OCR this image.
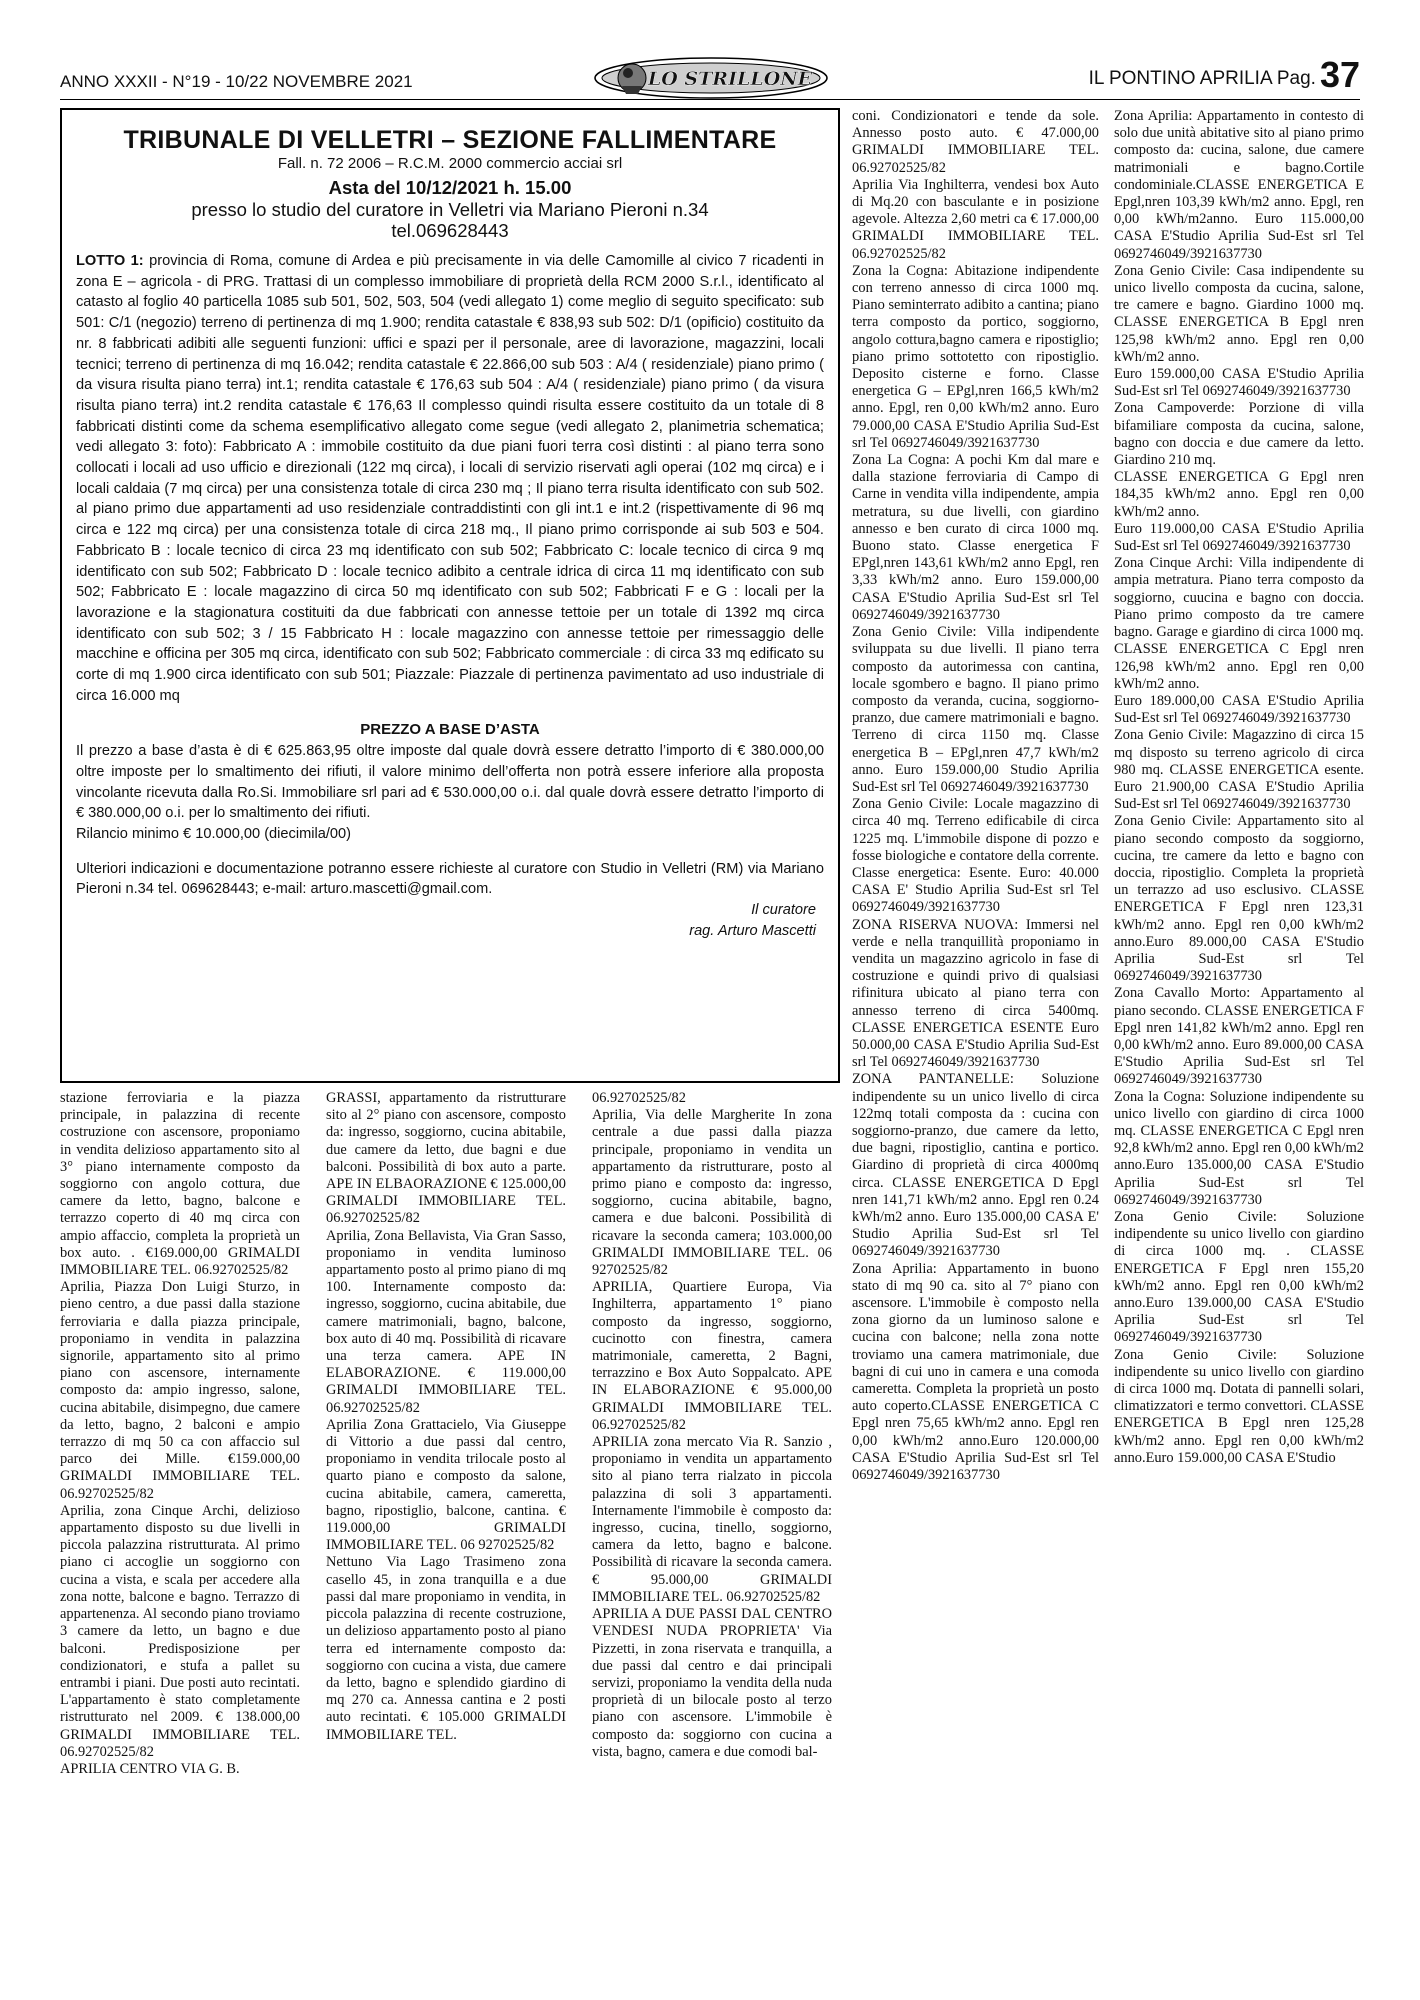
ANNO XXXII - N°19 - 10/22 NOVEMBRE 2021	IL PONTINO APRILIA Pag. 37
LO STRILLONE
TRIBUNALE DI VELLETRI – SEZIONE FALLIMENTARE
Fall. n. 72 2006 – R.C.M. 2000 commercio acciai srl
Asta del 10/12/2021 h. 15.00
presso lo studio del curatore in Velletri via Mariano Pieroni n.34
tel.069628443
LOTTO 1: provincia di Roma, comune di Ardea e più precisamente in via delle Camomille al civico 7 ricadenti in zona E – agricola - di PRG. Trattasi di un complesso immobiliare di proprietà della RCM 2000 S.r.l., identificato al catasto al foglio 40 particella 1085 sub 501, 502, 503, 504 (vedi allegato 1) come meglio di seguito specificato: sub 501: C/1 (negozio) terreno di pertinenza di mq 1.900; rendita catastale € 838,93 sub 502: D/1 (opificio) costituito da nr. 8 fabbricati adibiti alle seguenti funzioni: uffici e spazi per il personale, aree di lavorazione, magazzini, locali tecnici; terreno di pertinenza di mq 16.042; rendita catastale € 22.866,00 sub 503 : A/4 ( residenziale) piano primo ( da visura risulta piano terra) int.1; rendita catastale € 176,63 sub 504 : A/4 ( residenziale) piano primo ( da visura risulta piano terra) int.2 rendita catastale € 176,63 Il complesso quindi risulta essere costituito da un totale di 8 fabbricati distinti come da schema esemplificativo allegato come segue (vedi allegato 2, planimetria schematica; vedi allegato 3: foto): Fabbricato A : immobile costituito da due piani fuori terra così distinti : al piano terra sono collocati i locali ad uso ufficio e direzionali (122 mq circa), i locali di servizio riservati agli operai (102 mq circa) e i locali caldaia (7 mq circa) per una consistenza totale di circa 230 mq ; Il piano terra risulta identificato con sub 502. al piano primo due appartamenti ad uso residenziale contraddistinti con gli int.1 e int.2 (rispettivamente di 96 mq circa e 122 mq circa) per una consistenza totale di circa 218 mq., Il piano primo corrisponde ai sub 503 e 504. Fabbricato B : locale tecnico di circa 23 mq identificato con sub 502; Fabbricato C: locale tecnico di circa 9 mq identificato con sub 502; Fabbricato D : locale tecnico adibito a centrale idrica di circa 11 mq identificato con sub 502; Fabbricato E : locale magazzino di circa 50 mq identificato con sub 502; Fabbricati F e G : locali per la lavorazione e la stagionatura costituiti da due fabbricati con annesse tettoie per un totale di 1392 mq circa identificato con sub 502; 3 / 15 Fabbricato H : locale magazzino con annesse tettoie per rimessaggio delle macchine e officina per 305 mq circa, identificato con sub 502; Fabbricato commerciale : di circa 33 mq edificato su corte di mq 1.900 circa identificato con sub 501; Piazzale: Piazzale di pertinenza pavimentato ad uso industriale di circa 16.000 mq
PREZZO A BASE D’ASTA
Il prezzo a base d’asta è di € 625.863,95 oltre imposte dal quale dovrà essere detratto l’importo di € 380.000,00 oltre imposte per lo smaltimento dei rifiuti, il valore minimo dell’offerta non potrà essere inferiore alla proposta vincolante ricevuta dalla Ro.Si. Immobiliare srl pari ad € 530.000,00 o.i. dal quale dovrà essere detratto l’importo di € 380.000,00 o.i. per lo smaltimento dei rifiuti.
Rilancio minimo € 10.000,00 (diecimila/00)
Ulteriori indicazioni e documentazione potranno essere richieste al curatore con Studio in Velletri (RM) via Mariano Pieroni n.34 tel. 069628443; e-mail: arturo.mascetti@gmail.com.
Il curatore
rag. Arturo Mascetti
stazione ferroviaria e la piazza principale, in palazzina di recente costruzione con ascensore, proponiamo in vendita delizioso appartamento sito al 3° piano internamente composto da soggiorno con angolo cottura, due camere da letto, bagno, balcone e terrazzo coperto di 40 mq circa con ampio affaccio, completa la proprietà un box auto. . €169.000,00 GRIMALDI IMMOBILIARE TEL. 06.92702525/82
Aprilia, Piazza Don Luigi Sturzo, in pieno centro, a due passi dalla stazione ferroviaria e dalla piazza principale, proponiamo in vendita in palazzina signorile, appartamento sito al primo piano con ascensore, internamente composto da: ampio ingresso, salone, cucina abitabile, disimpegno, due camere da letto, bagno, 2 balconi e ampio terrazzo di mq 50 ca con affaccio sul parco dei Mille. €159.000,00 GRIMALDI IMMOBILIARE TEL. 06.92702525/82
Aprilia, zona Cinque Archi, delizioso appartamento disposto su due livelli in piccola palazzina ristrutturata. Al primo piano ci accoglie un soggiorno con cucina a vista, e scala per accedere alla zona notte, balcone e bagno. Terrazzo di appartenenza. Al secondo piano troviamo 3 camere da letto, un bagno e due balconi. Predisposizione per condizionatori, e stufa a pallet su entrambi i piani. Due posti auto recintati. L'appartamento è stato completamente ristrutturato nel 2009. € 138.000,00 GRIMALDI IMMOBILIARE TEL. 06.92702525/82
APRILIA CENTRO VIA G. B.
GRASSI, appartamento da ristrutturare sito al 2° piano con ascensore, composto da: ingresso, soggiorno, cucina abitabile, due camere da letto, due bagni e due balconi. Possibilità di box auto a parte. APE IN ELBAORAZIONE € 125.000,00 GRIMALDI IMMOBILIARE TEL. 06.92702525/82
Aprilia, Zona Bellavista, Via Gran Sasso, proponiamo in vendita luminoso appartamento posto al primo piano di mq 100. Internamente composto da: ingresso, soggiorno, cucina abitabile, due camere matrimoniali, bagno, balcone, box auto di 40 mq. Possibilità di ricavare una terza camera. APE IN ELABORAZIONE. € 119.000,00 GRIMALDI IMMOBILIARE TEL. 06.92702525/82
Aprilia Zona Grattacielo, Via Giuseppe di Vittorio a due passi dal centro, proponiamo in vendita trilocale posto al quarto piano e composto da salone, cucina abitabile, camera, cameretta, bagno, ripostiglio, balcone, cantina. € 119.000,00 GRIMALDI IMMOBILIARE TEL. 06 92702525/82
Nettuno Via Lago Trasimeno zona casello 45, in zona tranquilla e a due passi dal mare proponiamo in vendita, in piccola palazzina di recente costruzione, un delizioso appartamento posto al piano terra ed internamente composto da: soggiorno con cucina a vista, due camere da letto, bagno e splendido giardino di mq 270 ca. Annessa cantina e 2 posti auto recintati. € 105.000 GRIMALDI IMMOBILIARE TEL.
06.92702525/82
Aprilia, Via delle Margherite In zona centrale a due passi dalla piazza principale, proponiamo in vendita un appartamento da ristrutturare, posto al primo piano e composto da: ingresso, soggiorno, cucina abitabile, bagno, camera e due balconi. Possibilità di ricavare la seconda camera; 103.000,00 GRIMALDI IMMOBILIARE TEL. 06 92702525/82
APRILIA, Quartiere Europa, Via Inghilterra, appartamento 1° piano composto da ingresso, soggiorno, cucinotto con finestra, camera matrimoniale, cameretta, 2 Bagni, terrazzino e Box Auto Soppalcato. APE IN ELABORAZIONE € 95.000,00 GRIMALDI IMMOBILIARE TEL. 06.92702525/82
APRILIA zona mercato Via R. Sanzio , proponiamo in vendita un appartamento sito al piano terra rialzato in piccola palazzina di soli 3 appartamenti. Internamente l'immobile è composto da: ingresso, cucina, tinello, soggiorno, camera da letto, bagno e balcone. Possibilità di ricavare la seconda camera. € 95.000,00 GRIMALDI IMMOBILIARE TEL. 06.92702525/82
APRILIA A DUE PASSI DAL CENTRO VENDESI NUDA PROPRIETA' Via Pizzetti, in zona riservata e tranquilla, a due passi dal centro e dai principali servizi, proponiamo la vendita della nuda proprietà di un bilocale posto al terzo piano con ascensore. L'immobile è composto da: soggiorno con cucina a vista, bagno, camera e due comodi bal-
coni. Condizionatori e tende da sole. Annesso posto auto. € 47.000,00 GRIMALDI IMMOBILIARE TEL. 06.92702525/82
Aprilia Via Inghilterra, vendesi box Auto di Mq.20 con basculante e in posizione agevole. Altezza 2,60 metri ca € 17.000,00 GRIMALDI IMMOBILIARE TEL. 06.92702525/82
Zona la Cogna: Abitazione indipendente con terreno annesso di circa 1000 mq. Piano seminterrato adibito a cantina; piano terra composto da portico, soggiorno, angolo cottura,bagno camera e ripostiglio; piano primo sottotetto con ripostiglio. Deposito cisterne e forno. Classe energetica G – EPgl,nren 166,5 kWh/m2 anno. Epgl, ren 0,00 kWh/m2 anno. Euro 79.000,00 CASA E'Studio Aprilia Sud-Est srl Tel 0692746049/3921637730
Zona La Cogna: A pochi Km dal mare e dalla stazione ferroviaria di Campo di Carne in vendita villa indipendente, ampia metratura, su due livelli, con giardino annesso e ben curato di circa 1000 mq. Buono stato. Classe energetica F EPgl,nren 143,61 kWh/m2 anno Epgl, ren 3,33 kWh/m2 anno. Euro 159.000,00 CASA E'Studio Aprilia Sud-Est srl Tel 0692746049/3921637730
Zona Genio Civile: Villa indipendente sviluppata su due livelli. Il piano terra composto da autorimessa con cantina, locale sgombero e bagno. Il piano primo composto da veranda, cucina, soggiorno-pranzo, due camere matrimoniali e bagno. Terreno di circa 1150 mq. Classe energetica B – EPgl,nren 47,7 kWh/m2 anno. Euro 159.000,00 Studio Aprilia Sud-Est srl Tel 0692746049/3921637730
Zona Genio Civile: Locale magazzino di circa 40 mq. Terreno edificabile di circa 1225 mq. L'immobile dispone di pozzo e fosse biologiche e contatore della corrente. Classe energetica: Esente. Euro: 40.000 CASA E' Studio Aprilia Sud-Est srl Tel 0692746049/3921637730
ZONA RISERVA NUOVA: Immersi nel verde e nella tranquillità proponiamo in vendita un magazzino agricolo in fase di costruzione e quindi privo di qualsiasi rifinitura ubicato al piano terra con annesso terreno di circa 5400mq. CLASSE ENERGETICA ESENTE Euro 50.000,00 CASA E'Studio Aprilia Sud-Est srl Tel 0692746049/3921637730
ZONA PANTANELLE: Soluzione indipendente su un unico livello di circa 122mq totali composta da : cucina con soggiorno-pranzo, due camere da letto, due bagni, ripostiglio, cantina e portico. Giardino di proprietà di circa 4000mq circa. CLASSE ENERGETICA D Epgl nren 141,71 kWh/m2 anno. Epgl ren 0.24 kWh/m2 anno. Euro 135.000,00 CASA E' Studio Aprilia Sud-Est srl Tel 0692746049/3921637730
Zona Aprilia: Appartamento in buono stato di mq 90 ca. sito al 7° piano con ascensore. L'immobile è composto nella zona giorno da un luminoso salone e cucina con balcone; nella zona notte troviamo una camera matrimoniale, due bagni di cui uno in camera e una comoda cameretta. Completa la proprietà un posto auto coperto.CLASSE ENERGETICA C Epgl nren 75,65 kWh/m2 anno. Epgl ren 0,00 kWh/m2 anno.Euro 120.000,00 CASA E'Studio Aprilia Sud-Est srl Tel 0692746049/3921637730
Zona Aprilia: Appartamento in contesto di solo due unità abitative sito al piano primo composto da: cucina, salone, due camere matrimoniali e bagno.Cortile condominiale.CLASSE ENERGETICA E Epgl,nren 103,39 kWh/m2 anno. Epgl, ren 0,00 kWh/m2anno. Euro 115.000,00 CASA E'Studio Aprilia Sud-Est srl Tel 0692746049/3921637730
Zona Genio Civile: Casa indipendente su unico livello composta da cucina, salone, tre camere e bagno. Giardino 1000 mq. CLASSE ENERGETICA B Epgl nren 125,98 kWh/m2 anno. Epgl ren 0,00 kWh/m2 anno.
Euro 159.000,00 CASA E'Studio Aprilia Sud-Est srl Tel 0692746049/3921637730
Zona Campoverde: Porzione di villa bifamiliare composta da cucina, salone, bagno con doccia e due camere da letto. Giardino 210 mq.
CLASSE ENERGETICA G Epgl nren 184,35 kWh/m2 anno. Epgl ren 0,00 kWh/m2 anno.
Euro 119.000,00 CASA E'Studio Aprilia Sud-Est srl Tel 0692746049/3921637730
Zona Cinque Archi: Villa indipendente di ampia metratura. Piano terra composto da soggiorno, cuucina e bagno con doccia. Piano primo composto da tre camere bagno. Garage e giardino di circa 1000 mq.
CLASSE ENERGETICA C Epgl nren 126,98 kWh/m2 anno. Epgl ren 0,00 kWh/m2 anno.
Euro 189.000,00 CASA E'Studio Aprilia Sud-Est srl Tel 0692746049/3921637730
Zona Genio Civile: Magazzino di circa 15 mq disposto su terreno agricolo di circa 980 mq. CLASSE ENERGETICA esente. Euro 21.900,00 CASA E'Studio Aprilia Sud-Est srl Tel 0692746049/3921637730
Zona Genio Civile: Appartamento sito al piano secondo composto da soggiorno, cucina, tre camere da letto e bagno con doccia, ripostiglio. Completa la proprietà un terrazzo ad uso esclusivo. CLASSE ENERGETICA F Epgl nren 123,31 kWh/m2 anno. Epgl ren 0,00 kWh/m2 anno.Euro 89.000,00 CASA E'Studio Aprilia Sud-Est srl Tel 0692746049/3921637730
Zona Cavallo Morto: Appartamento al piano secondo. CLASSE ENERGETICA F Epgl nren 141,82 kWh/m2 anno. Epgl ren 0,00 kWh/m2 anno. Euro 89.000,00 CASA E'Studio Aprilia Sud-Est srl Tel 0692746049/3921637730
Zona la Cogna: Soluzione indipendente su unico livello con giardino di circa 1000 mq. CLASSE ENERGETICA C Epgl nren 92,8 kWh/m2 anno. Epgl ren 0,00 kWh/m2 anno.Euro 135.000,00 CASA E'Studio Aprilia Sud-Est srl Tel 0692746049/3921637730
Zona Genio Civile: Soluzione indipendente su unico livello con giardino di circa 1000 mq. . CLASSE ENERGETICA F Epgl nren 155,20 kWh/m2 anno. Epgl ren 0,00 kWh/m2 anno.Euro 139.000,00 CASA E'Studio Aprilia Sud-Est srl Tel 0692746049/3921637730
Zona Genio Civile: Soluzione indipendente su unico livello con giardino di circa 1000 mq. Dotata di pannelli solari, climatizzatori e termo convettori. CLASSE ENERGETICA B Epgl nren 125,28 kWh/m2 anno. Epgl ren 0,00 kWh/m2 anno.Euro 159.000,00 CASA E'Studio
